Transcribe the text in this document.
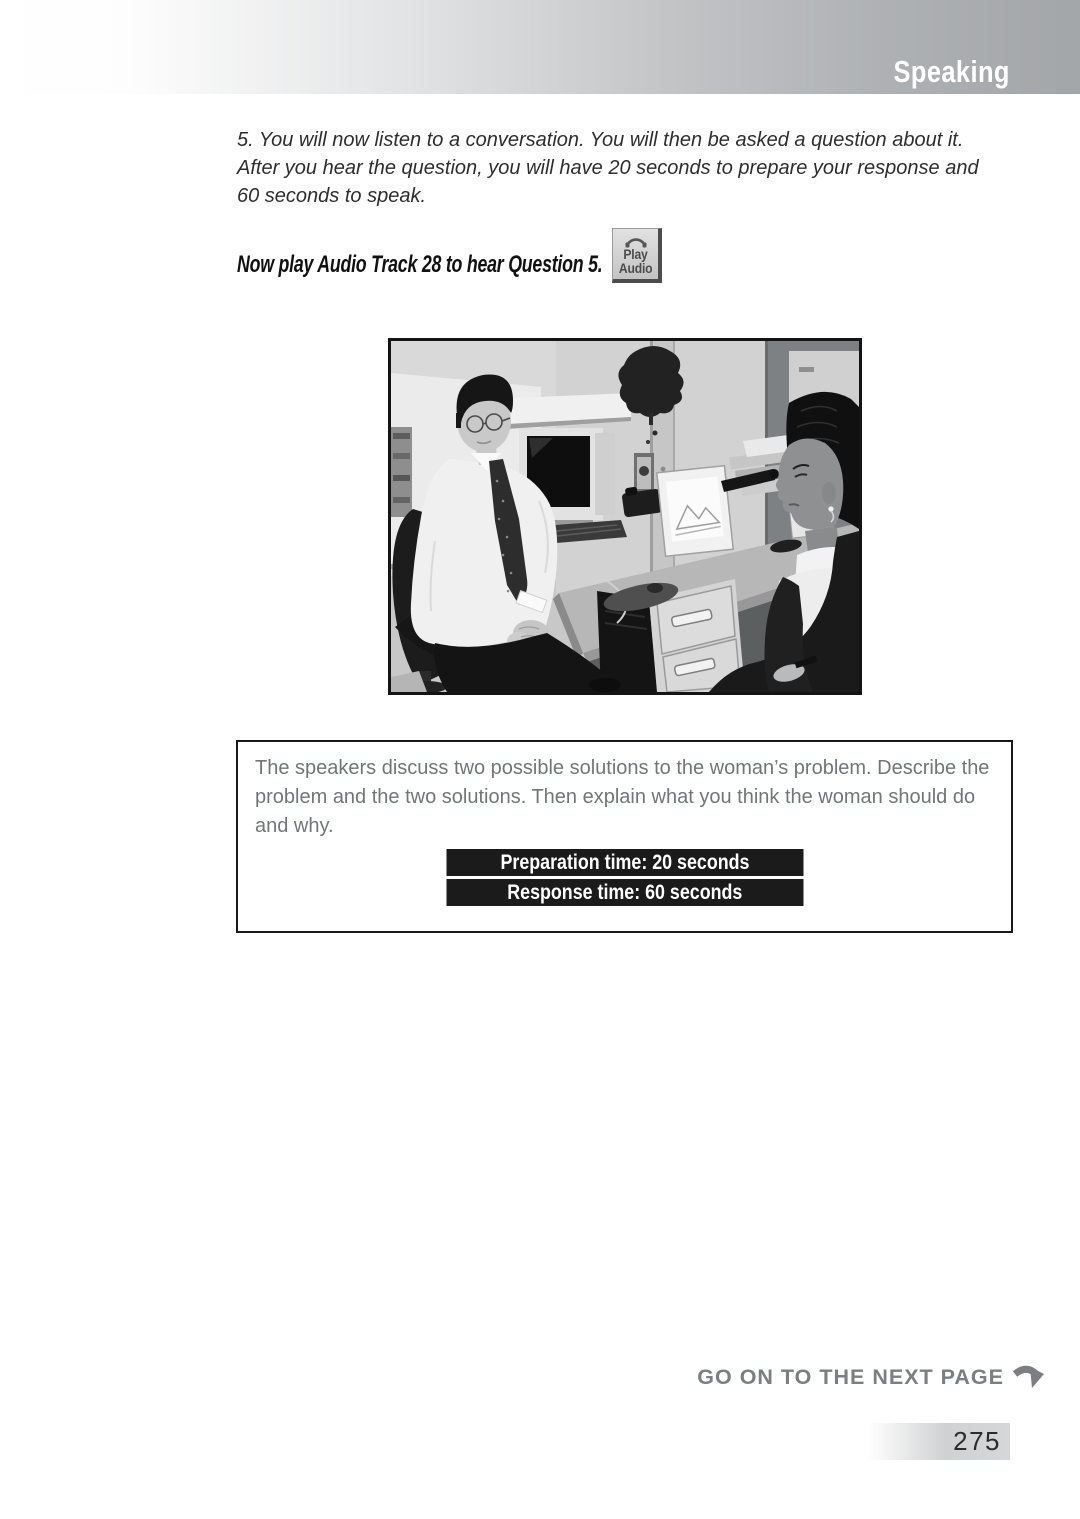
Speaking
5. You will now listen to a conversation. You will then be asked a question about it.
After you hear the question, you will have 20 seconds to prepare your response and
60 seconds to speak.
Now play Audio Track 28 to hear Question 5. Play
Audio
The speakers discuss two possible solutions to the woman’s problem. Describe the
problem and the two solutions. Then explain what you think the woman should do
and why.
Preparation time: 20 seconds
Response time: 60 seconds
GO ON TO THE NEXT PAGE
275
